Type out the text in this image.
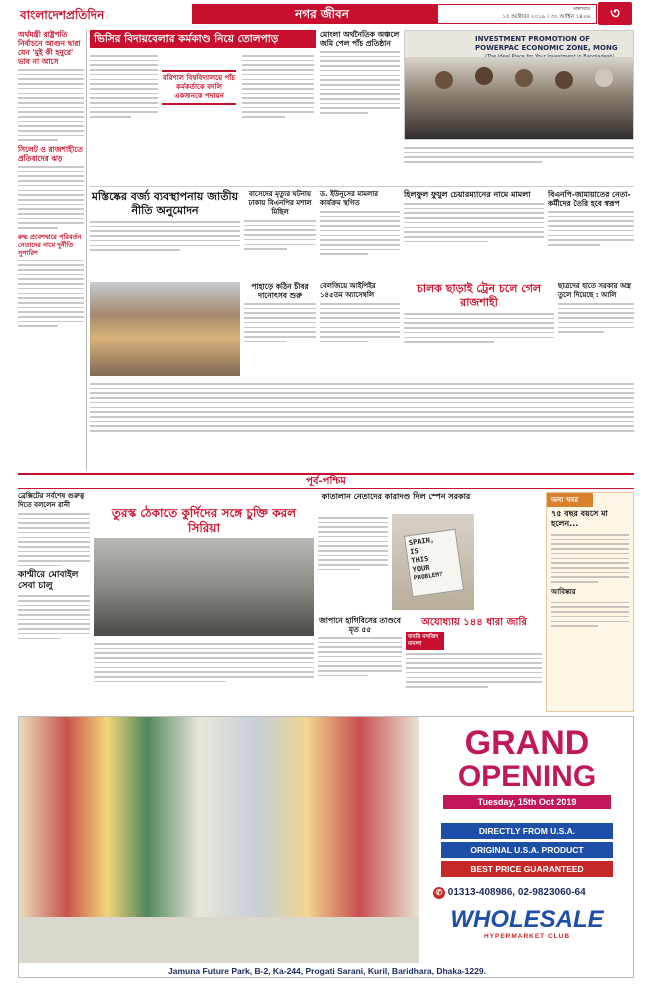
বাংলাদেশপ্রতিদিন	নগর জীবন	মঙ্গলবার
১৫ অক্টোবর ২০১৯ । ৩০ আশ্বিন ১৪২৬	৩
অর্থমন্ত্রী রাষ্ট্রপতি নির্বাচনে আগুন দ্বারা যেন 'মুই কী হনুরে' ভাব না আসে
সিলেট ও রাজশাহীতে প্রতিবাদের ঝড়
রুদ্ধ প্রবেশদ্বারে পরিবর্তন নেতাদের নামে দুর্নীতি সুপারিশ
ভিসির বিদায়বেলার কর্মকাণ্ড নিয়ে তোলপাড়
বরিশাল বিশ্ববিদ্যালয়ে পাঁচ কর্মকর্তাকে বদলি একজনকে পদায়ন
মোংলা অর্থনৈতিক অঞ্চলে জমি পেল পাঁচ প্রতিষ্ঠান	INVESTMENT PROMOTION OF POWERPAC ECONOMIC ZONE, MONG
মস্তিষ্কের বর্জ্য ব্যবস্থাপনায় জাতীয় নীতি অনুমোদন
বাসেদের মৃত্যুর ঘটনায় ঢাকায় বিএনপির মশাল মিছিল
ড. ইউনূসের মামলার কার্যক্রম স্থগিত
হিলফুল ফুযুল চেয়ারম্যানের নামে মামলা	বিএনপি-জামায়াতের নেতা-কর্মীদের তৈরি হবে স্বরূপ
পাহাড়ে কঠিন চীবর দানোৎসব শুরু
বেলজিয়ে আইপিইর ১৪৫তম অ্যাসেম্বলি	চালক ছাড়াই ট্রেন চলে গেল রাজশাহী
ছাত্রদের হাতে সরকার অস্ত্র তুলে দিয়েছে : আলি
পূর্ব-পশ্চিম
ব্রেক্সিটের সর্বশেষ গুরুত্ব দিতে বললেন রানী
কাশ্মীরে মোবাইল সেবা চালু
তুরস্ক ঠেকাতে কুর্দিদের সঙ্গে চুক্তি করল সিরিয়া
কাতালান নেতাদের কারাদণ্ড দিল স্পেন সরকার
SPAIN,
IS
THIS
YOUR
PROBLEM?
জাপানে হাগিবিসের তাণ্ডবে মৃত ৫৫
অযোধ্যায় ১৪৪ ধারা জারি
বাবরি মসজিদ মামলা
অন্য খবর
৭৫ বছর বয়সে মা হলেন...
আবিষ্কার
GRAND
OPENING
Tuesday, 15th Oct 2019
DIRECTLY FROM U.S.A.
ORIGINAL U.S.A. PRODUCT
BEST PRICE GUARANTEED
✆ 01313-408986, 02-9823060-64
WHOLESALE
HYPERMARKET CLUB
Jamuna Future Park, B-2, Ka-244, Progati Sarani, Kuril, Baridhara, Dhaka-1229.
